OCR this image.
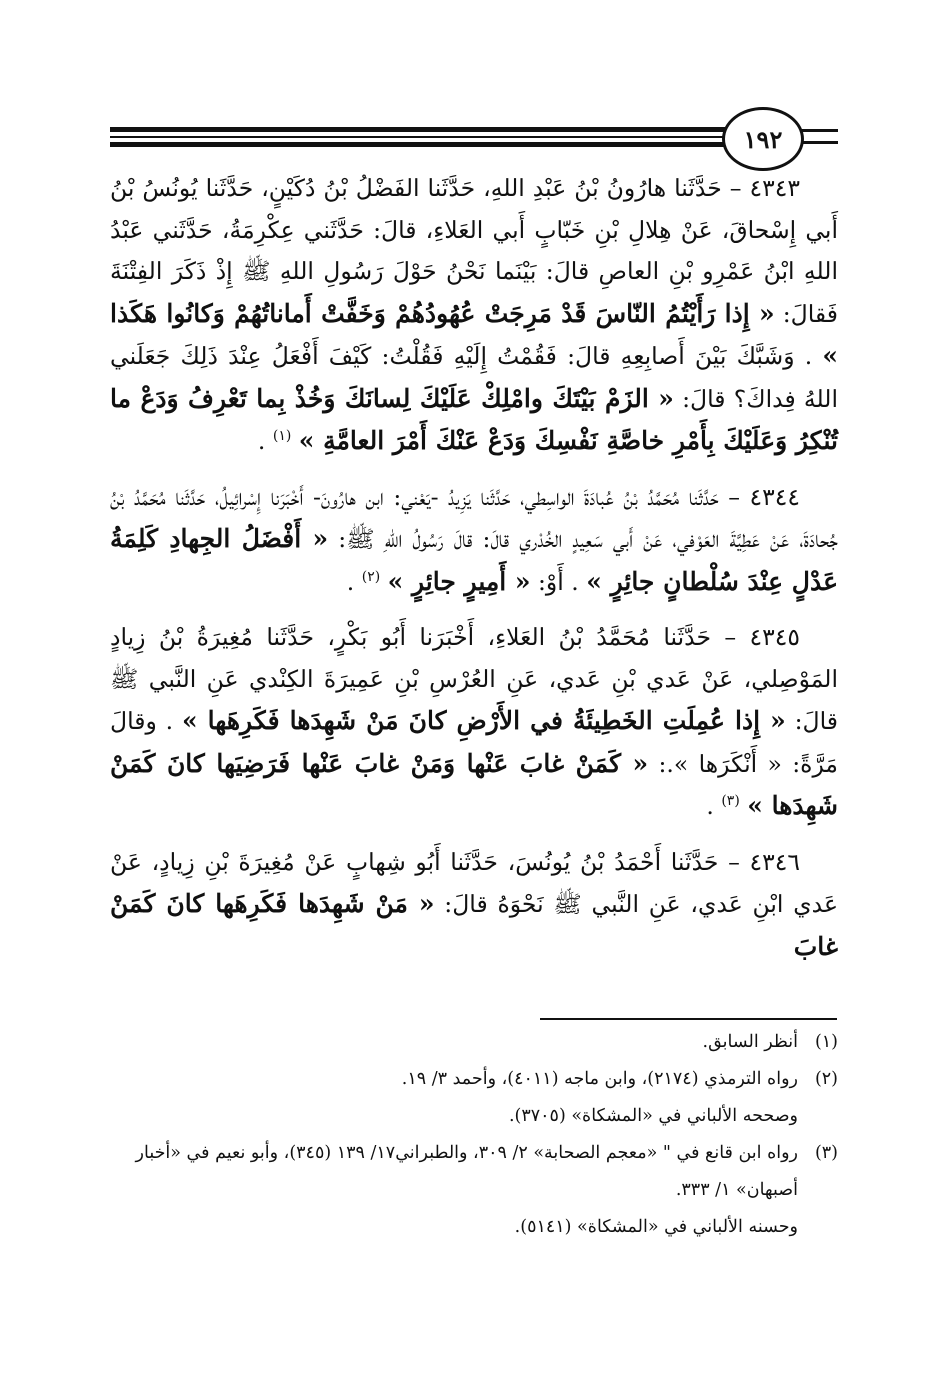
١٩٢

٤٣٤٣ – حَدَّثَنا هارُونُ بْنُ عَبْدِ اللهِ، حَدَّثَنا الفَضْلُ بْنُ دُكَيْنٍ، حَدَّثَنا يُونُسُ بْنُ أَبي إِسْحاقَ، عَنْ هِلالِ بْنِ خَبّابٍ أَبي العَلاءِ، قالَ: حَدَّثَني عِكْرِمَةُ، حَدَّثَني عَبْدُ اللهِ ابْنُ عَمْرِو بْنِ العاصِ قالَ: بَيْنَما نَحْنُ حَوْلَ رَسُولِ اللهِ ﷺ إِذْ ذَكَرَ الفِتْنَةَ فَقالَ: « إِذا رَأَيْتُمُ النّاسَ قَدْ مَرِجَتْ عُهُودُهُمْ وَخَفَّتْ أَماناتُهُمْ وَكانُوا هَكَذا » . وَشَبَّكَ بَيْنَ أَصابِعِهِ قالَ: فَقُمْتُ إِلَيْهِ فَقُلْتُ: كَيْفَ أَفْعَلُ عِنْدَ ذَلِكَ جَعَلَني اللهُ فِداكَ؟ قالَ: « الزَمْ بَيْتَكَ وامْلِكْ عَلَيْكَ لِسانَكَ وَخُذْ بِما تَعْرِفُ وَدَعْ ما تُنْكِرُ وَعَلَيْكَ بِأَمْرِ خاصَّةِ نَفْسِكَ وَدَعْ عَنْكَ أَمْرَ العامَّةِ » $^{(١)}$ .

٤٣٤٤ – حَدَّثَنا مُحَمَّدُ بْنُ عُبادَةَ الواسِطي، حَدَّثَنا يَزِيدُ -يَعْني: ابن هارُونَ- أَخْبَرَنا إِسْرائِيلُ، حَدَّثَنا مُحَمَّدُ بْنُ جُحادَةَ، عَنْ عَطِيَّةَ العَوْفي، عَنْ أَبي سَعِيدٍ الخُدْري قالَ: قالَ رَسُولُ اللهِ ﷺ: « أَفْضَلُ الجِهادِ كَلِمَةُ عَدْلٍ عِنْدَ سُلْطانٍ جائِرٍ » . أَوْ: « أَمِيرٍ جائِرٍ » $^{(٢)}$ .

٤٣٤٥ – حَدَّثَنا مُحَمَّدُ بْنُ العَلاءِ، أَخْبَرَنا أَبُو بَكْرٍ، حَدَّثَنا مُغِيرَةُ بْنُ زِيادٍ المَوْصِلي، عَنْ عَدي بْنِ عَدي، عَنِ العُرْسِ بْنِ عَمِيرَةَ الكِنْدي عَنِ النَّبي ﷺ قالَ: « إِذا عُمِلَتِ الخَطِيئَةُ في الأَرْضِ كانَ مَنْ شَهِدَها فَكَرِهَها » . وقالَ مَرَّةً: « أَنْكَرَها ».: « كَمَنْ غابَ عَنْها وَمَنْ غابَ عَنْها فَرَضِيَها كانَ كَمَنْ شَهِدَها » $^{(٣)}$ .

٤٣٤٦ – حَدَّثَنا أَحْمَدُ بْنُ يُونُسَ، حَدَّثَنا أَبُو شِهابٍ عَنْ مُغِيرَةَ بْنِ زِيادٍ، عَنْ عَدي ابْنِ عَدي، عَنِ النَّبي ﷺ نَحْوَهُ قالَ: « مَنْ شَهِدَها فَكَرِهَها كانَ كَمَنْ غابَ

(١)
أنظر السابق.
(٢)
رواه الترمذي (٢١٧٤)، وابن ماجه (٤٠١١)، وأحمد ٣/ ١٩.
وصححه الألباني في «المشكاة» (٣٧٠٥).
(٣)
رواه ابن قانع في " «معجم الصحابة» ٢/ ٣٠٩، والطبراني١٧/ ١٣٩ (٣٤٥)، وأبو نعيم في «أخبار أصبهان» ١/ ٣٣٣.
وحسنه الألباني في «المشكاة» (٥١٤١).
